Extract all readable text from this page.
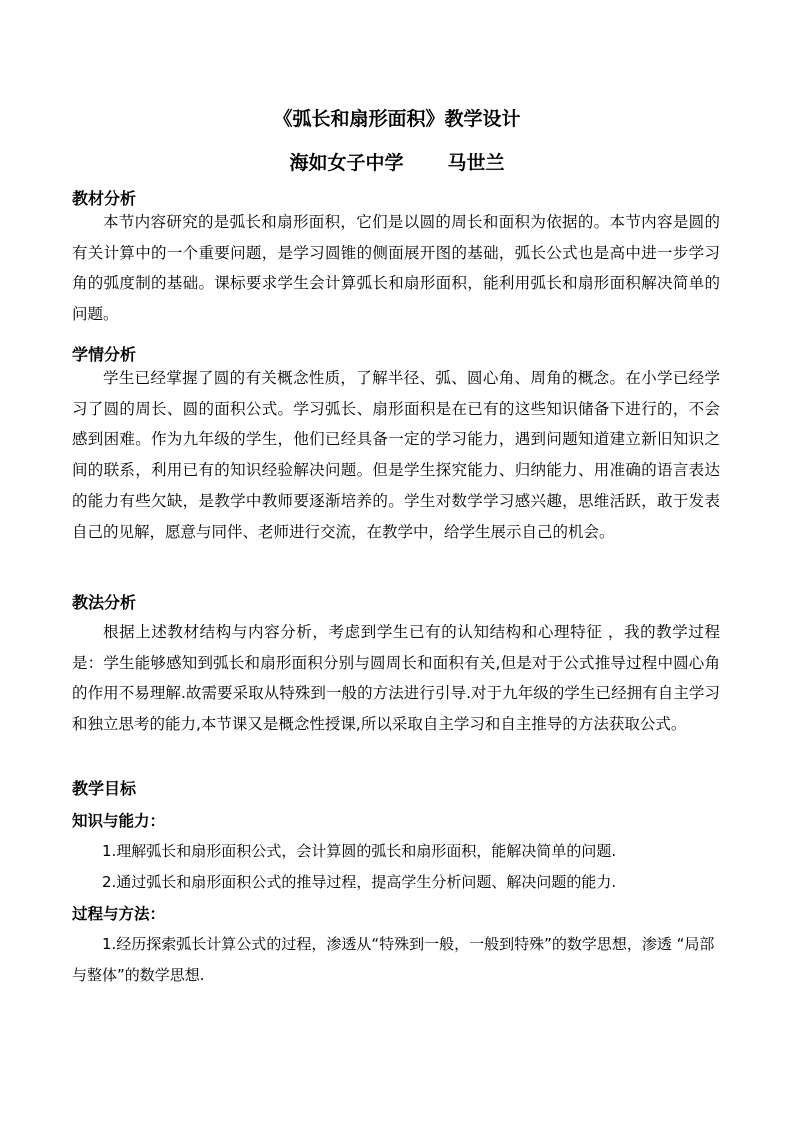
《弧长和扇形面积》教学设计
海如女子中学 马世兰
教材分析

本节内容研究的是弧长和扇形面积，它们是以圆的周长和面积为依据的。本节内容是圆的有关计算中的一个重要问题，是学习圆锥的侧面展开图的基础，弧长公式也是高中进一步学习角的弧度制的基础。课标要求学生会计算弧长和扇形面积，能利用弧长和扇形面积解决简单的问题。

学情分析

学生已经掌握了圆的有关概念性质，了解半径、弧、圆心角、周角的概念。在小学已经学习了圆的周长、圆的面积公式。学习弧长、扇形面积是在已有的这些知识储备下进行的，不会感到困难。作为九年级的学生，他们已经具备一定的学习能力，遇到问题知道建立新旧知识之间的联系，利用已有的知识经验解决问题。但是学生探究能力、归纳能力、用准确的语言表达的能力有些欠缺，是教学中教师要逐渐培养的。学生对数学学习感兴趣，思维活跃，敢于发表自己的见解，愿意与同伴、老师进行交流，在教学中，给学生展示自己的机会。

教法分析

根据上述教材结构与内容分析，考虑到学生已有的认知结构和心理特征 ，我的教学过程是：学生能够感知到弧长和扇形面积分别与圆周长和面积有关,但是对于公式推导过程中圆心角的作用不易理解.故需要采取从特殊到一般的方法进行引导.对于九年级的学生已经拥有自主学习和独立思考的能力,本节课又是概念性授课,所以采取自主学习和自主推导的方法获取公式。

教学目标
知识与能力：

1.理解弧长和扇形面积公式，会计算圆的弧长和扇形面积，能解决简单的问题.

2.通过弧长和扇形面积公式的推导过程，提高学生分析问题、解决问题的能力.

过程与方法：

1.经历探索弧长计算公式的过程，渗透从“特殊到一般，一般到特殊”的数学思想，渗透 “局部与整体”的数学思想.
